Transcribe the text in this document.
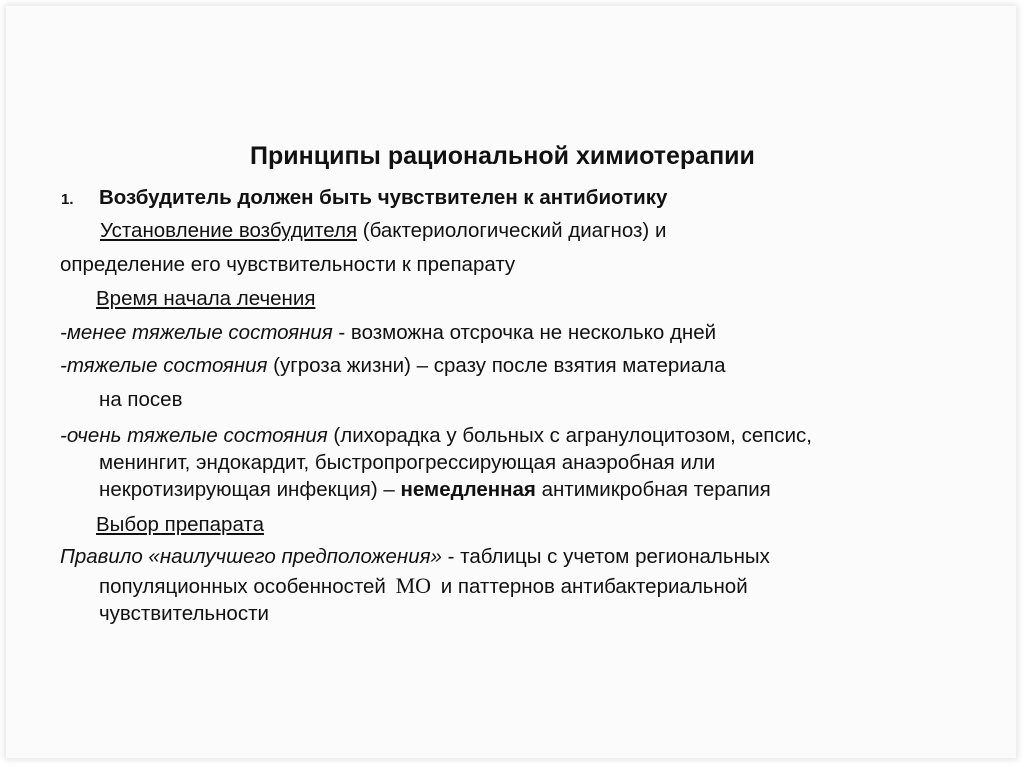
Принципы рациональной химиотерапии
1. Возбудитель должен быть чувствителен к антибиотику
Установление возбудителя (бактериологический диагноз) и
определение его чувствительности к препарату
Время начала лечения
-менее тяжелые состояния - возможна отсрочка не несколько дней
-тяжелые состояния (угроза жизни) – сразу после взятия материала
на посев
-очень тяжелые состояния (лихорадка у больных с агранулоцитозом, сепсис,
менингит, эндокардит, быстропрогрессирующая анаэробная или
некротизирующая инфекция) – немедленная антимикробная терапия
Выбор препарата
Правило «наилучшего предположения» - таблицы с учетом региональных
популяционных особенностей МО и паттернов антибактериальной
чувствительности
